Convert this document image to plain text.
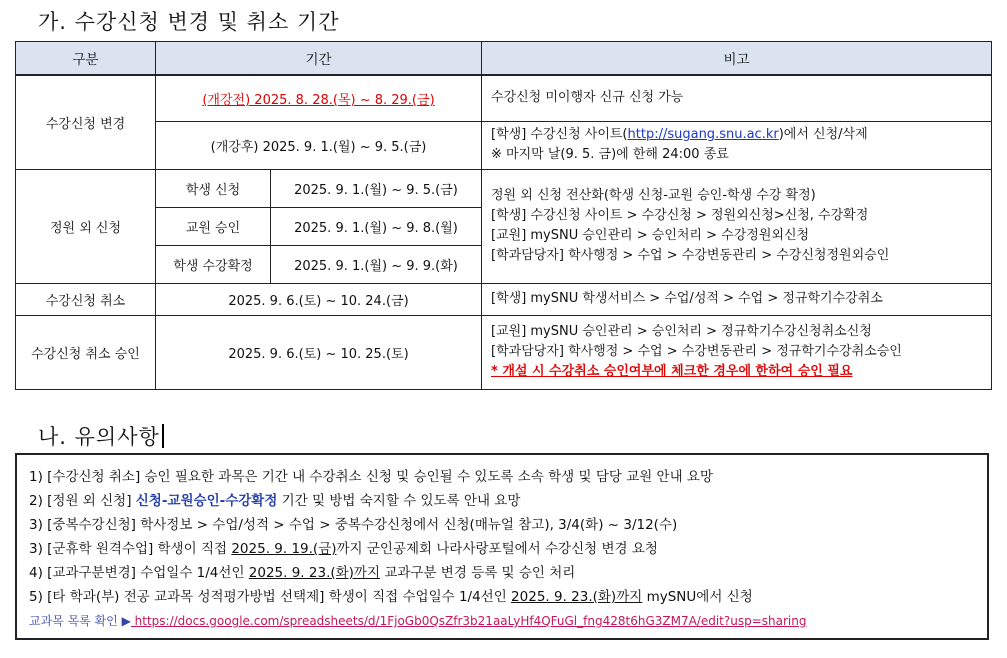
가. 수강신청 변경 및 취소 기간
구분	기간		비고
수강신청 변경	(개강전) 2025. 8. 28.(목) ~ 8. 29.(금)		수강신청 미이행자 신규 신청 가능
	(개강후) 2025. 9. 1.(월) ~ 9. 5.(금)		[학생] 수강신청 사이트(http://sugang.snu.ac.kr)에서 신청/삭제
※ 마지막 날(9. 5. 금)에 한해 24:00 종료

정원 외 신청	학생 신청	2025. 9. 1.(월) ~ 9. 5.(금)	정원 외 신청 전산화(학생 신청-교원 승인-학생 수강 확정)
[학생] 수강신청 사이트 > 수강신청 > 정원외신청>신청, 수강확정
[교원] mySNU 승인관리 > 승인처리 > 수강정원외신청
[학과담당자] 학사행정 > 수업 > 수강변동관리 > 수강신청정원외승인

	교원 승인	2025. 9. 1.(월) ~ 9. 8.(월)	
	학생 수강확정	2025. 9. 1.(월) ~ 9. 9.(화)	
수강신청 취소	2025. 9. 6.(토) ~ 10. 24.(금)		[학생] mySNU 학생서비스 > 수업/성적 > 수업 > 정규학기수강취소
수강신청 취소 승인	2025. 9. 6.(토) ~ 10. 25.(토)		[교원] mySNU 승인관리 > 승인처리 > 정규학기수강신청취소신청
[학과담당자] 학사행정 > 수업 > 수강변동관리 > 정규학기수강취소승인
* 개설 시 수강취소 승인여부에 체크한 경우에 한하여 승인 필요
나. 유의사항
1) [수강신청 취소] 승인 필요한 과목은 기간 내 수강취소 신청 및 승인될 수 있도록 소속 학생 및 담당 교원 안내 요망
2) [정원 외 신청] 신청-교원승인-수강확정 기간 및 방법 숙지할 수 있도록 안내 요망
3) [중복수강신청] 학사정보 > 수업/성적 > 수업 > 중복수강신청에서 신청(매뉴얼 참고), 3/4(화) ~ 3/12(수)
3) [군휴학 원격수업] 학생이 직접 2025. 9. 19.(금)까지 군인공제회 나라사랑포털에서 수강신청 변경 요청
4) [교과구분변경] 수업일수 1/4선인 2025. 9. 23.(화)까지 교과구분 변경 등록 및 승인 처리
5) [타 학과(부) 전공 교과목 성적평가방법 선택제] 학생이 직접 수업일수 1/4선인 2025. 9. 23.(화)까지 mySNU에서 신청
교과목 목록 확인 ▶ https://docs.google.com/spreadsheets/d/1FjoGb0QsZfr3b21aaLyHf4QFuGl_fng428t6hG3ZM7A/edit?usp=sharing
